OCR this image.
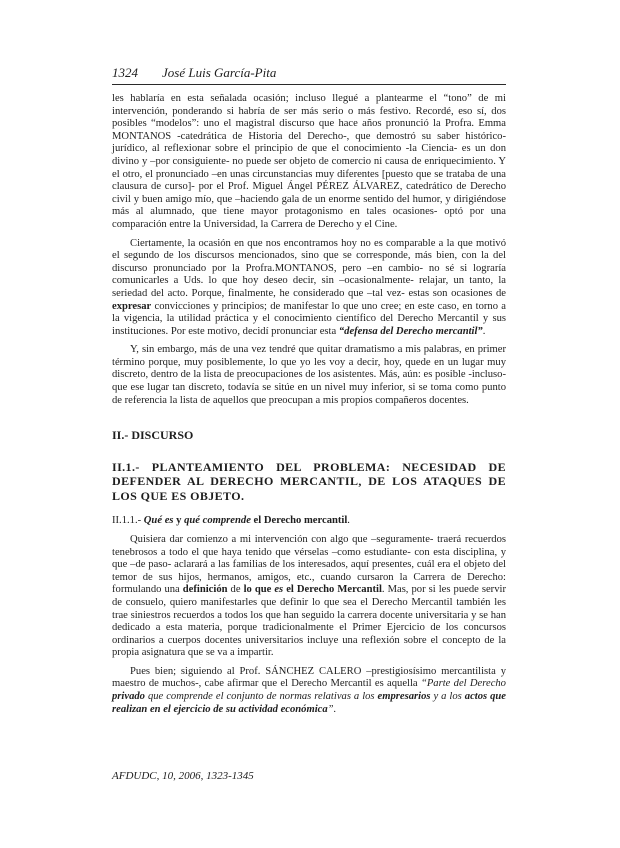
1324 José Luis García-Pita

les hablaría en esta señalada ocasión; incluso llegué a plantearme el “tono” de mi intervención, ponderando si habría de ser más serio o más festivo. Recordé, eso sí, dos posibles “modelos”: uno el magistral discurso que hace años pronunció la Profra. Emma MONTANOS -catedrática de Historia del Derecho-, que demostró su saber histórico-jurídico, al reflexionar sobre el principio de que el conocimiento -la Ciencia- es un don divino y –por consiguiente- no puede ser objeto de comercio ni causa de enriquecimiento. Y el otro, el pronunciado –en unas circunstancias muy diferentes [puesto que se trataba de una clausura de curso]- por el Prof. Miguel Ángel PÉREZ ÁLVAREZ, catedrático de Derecho civil y buen amigo mío, que –haciendo gala de un enorme sentido del humor, y dirigiéndose más al alumnado, que tiene mayor protagonismo en tales ocasiones- optó por una comparación entre la Universidad, la Carrera de Derecho y el Cine.

Ciertamente, la ocasión en que nos encontramos hoy no es comparable a la que motivó el segundo de los discursos mencionados, sino que se corresponde, más bien, con la del discurso pronunciado por la Profra.MONTANOS, pero –en cambio- no sé si lograría comunicarles a Uds. lo que hoy deseo decir, sin –ocasionalmente- relajar, un tanto, la seriedad del acto. Porque, finalmente, he considerado que –tal vez- estas son ocasiones de expresar convicciones y principios; de manifestar lo que uno cree; en este caso, en torno a la vigencia, la utilidad práctica y el conocimiento científico del Derecho Mercantil y sus instituciones. Por este motivo, decidí pronunciar esta “defensa del Derecho mercantil”.

Y, sin embargo, más de una vez tendré que quitar dramatismo a mis palabras, en primer término porque, muy posiblemente, lo que yo les voy a decir, hoy, quede en un lugar muy discreto, dentro de la lista de preocupaciones de los asistentes. Más, aún: es posible -incluso- que ese lugar tan discreto, todavía se sitúe en un nivel muy inferior, si se toma como punto de referencia la lista de aquellos que preocupan a mis propios compañeros docentes.

II.- DISCURSO
II.1.- PLANTEAMIENTO DEL PROBLEMA: NECESIDAD DE DEFENDER AL DERECHO MERCANTIL, DE LOS ATAQUES DE LOS QUE ES OBJETO.
II.1.1.- Qué es y qué comprende el Derecho mercantil.

Quisiera dar comienzo a mi intervención con algo que –seguramente- traerá recuerdos tenebrosos a todo el que haya tenido que vérselas –como estudiante- con esta disciplina, y que –de paso- aclarará a las familias de los interesados, aquí presentes, cuál era el objeto del temor de sus hijos, hermanos, amigos, etc., cuando cursaron la Carrera de Derecho: formulando una definición de lo que es el Derecho Mercantil. Mas, por si les puede servir de consuelo, quiero manifestarles que definir lo que sea el Derecho Mercantil también les trae siniestros recuerdos a todos los que han seguido la carrera docente universitaria y se han dedicado a esta materia, porque tradicionalmente el Primer Ejercicio de los concursos ordinarios a cuerpos docentes universitarios incluye una reflexión sobre el concepto de la propia asignatura que se va a impartir.

Pues bien; siguiendo al Prof. SÁNCHEZ CALERO –prestigiosísimo mercantilista y maestro de muchos-, cabe afirmar que el Derecho Mercantil es aquella “Parte del Derecho privado que comprende el conjunto de normas relativas a los empresarios y a los actos que realizan en el ejercicio de su actividad económica”.

AFDUDC, 10, 2006, 1323-1345
